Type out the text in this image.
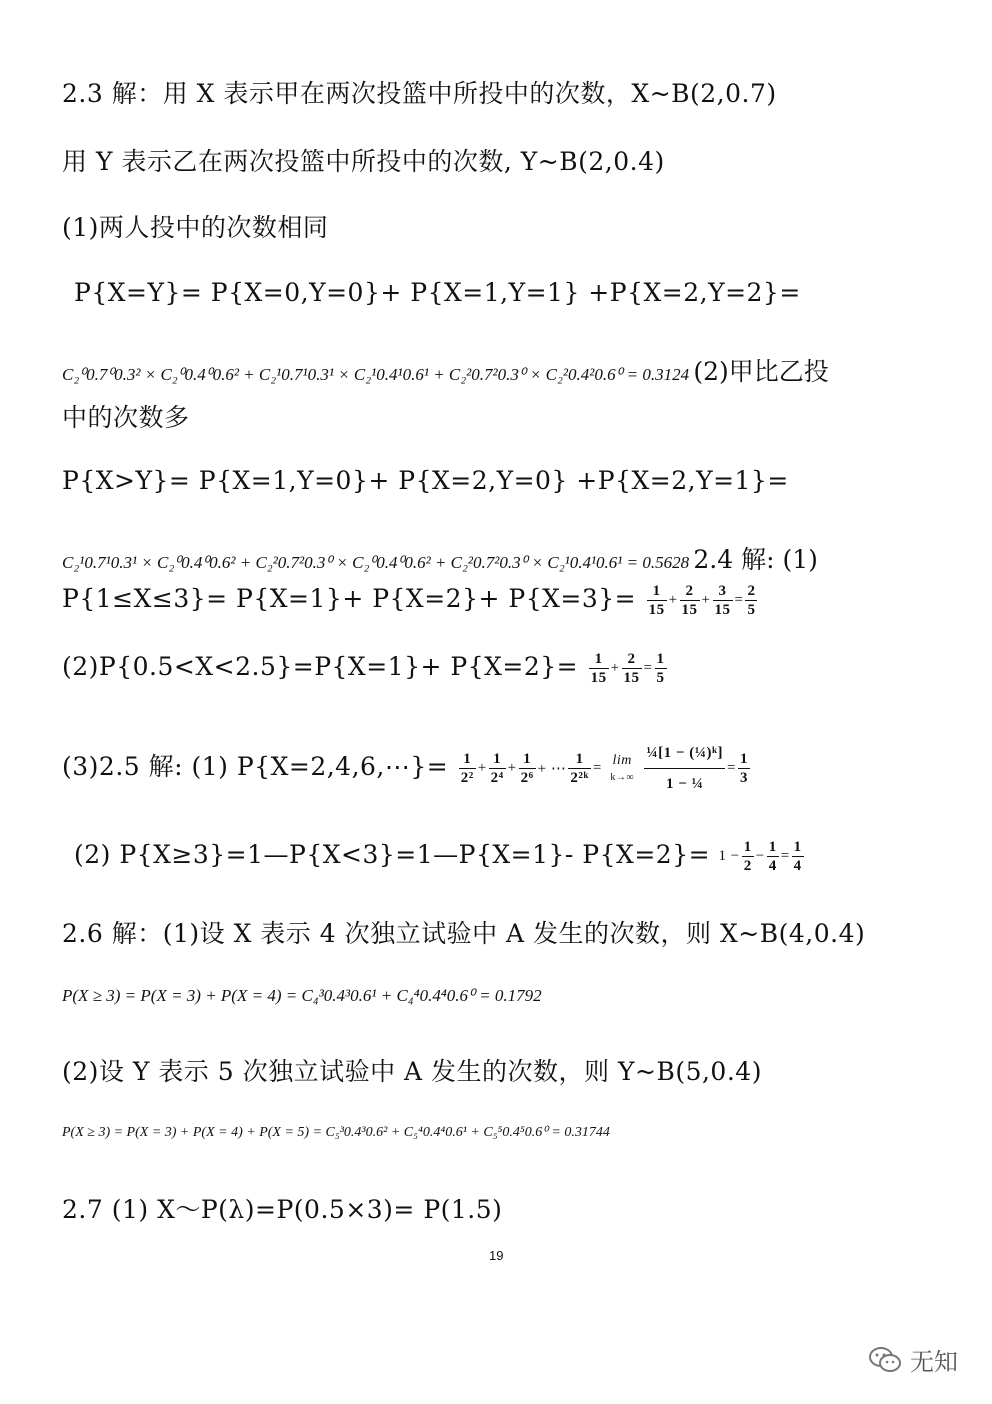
2.3 解：用 X 表示甲在两次投篮中所投中的次数，X~B(2,0.7)
用 Y 表示乙在两次投篮中所投中的次数, Y~B(2,0.4)
(1)两人投中的次数相同
P{X=Y}= P{X=0,Y=0}+ P{X=1,Y=1} +P{X=2,Y=2}=
C₂⁰0.7⁰0.3² × C₂⁰0.4⁰0.6² + C₂¹0.7¹0.3¹ × C₂¹0.4¹0.6¹ + C₂²0.7²0.3⁰ × C₂²0.4²0.6⁰ = 0.3124 (2)甲比乙投
中的次数多
P{X>Y}= P{X=1,Y=0}+ P{X=2,Y=0} +P{X=2,Y=1}=
C₂¹0.7¹0.3¹ × C₂⁰0.4⁰0.6² + C₂²0.7²0.3⁰ × C₂⁰0.4⁰0.6² + C₂²0.7²0.3⁰ × C₂¹0.4¹0.6¹ = 0.5628 2.4 解: (1)
$P\{1\le X\le 3\}= P\{X=1\}+ P\{X=2\}+ P\{X=3\}= \frac{1}{15} + \frac{2}{15} + \frac{3}{15} = \frac{2}{5}$
$(2)P\{0.5<X<2.5\}=P\{X=1\}+ P\{X=2\}= \frac{1}{15} + \frac{2}{15} = \frac{1}{5}$
(3)2.5 解: (1) P{X=2,4,6,⋯}= $\frac{1}{\text{2²}} + \frac{1}{\text{2⁴}} + \frac{1}{\text{2⁶}}$ + ⋯ $\frac{1}{\text{2²ᵏ}} = \lim$
$k\to\infty \frac{\text{¼[1 − (¼)ᵏ]}}{\text{1 − ¼}} = \frac{1}{3}$
(2) P{X≥3}=1—P{X<3}=1—P{X=1}- $P\{X=2\}= 1 - \frac{1}{2} - \frac{1}{4} = \frac{1}{4}$
2.6 解：(1)设 X 表示 4 次独立试验中 A 发生的次数，则 X~B(4,0.4)
P(X ≥ 3) = P(X = 3) + P(X = 4) = C₄³0.4³0.6¹ + C₄⁴0.4⁴0.6⁰ = 0.1792
(2)设 Y 表示 5 次独立试验中 A 发生的次数，则 Y~B(5,0.4)
P(X ≥ 3) = P(X = 3) + P(X = 4) + P(X = 5) = C₅³0.4³0.6² + C₅⁴0.4⁴0.6¹ + C₅⁵0.4⁵0.6⁰ = 0.31744
2.7 (1) X～P(λ)=P(0.5×3)= P(1.5)
19
无知
